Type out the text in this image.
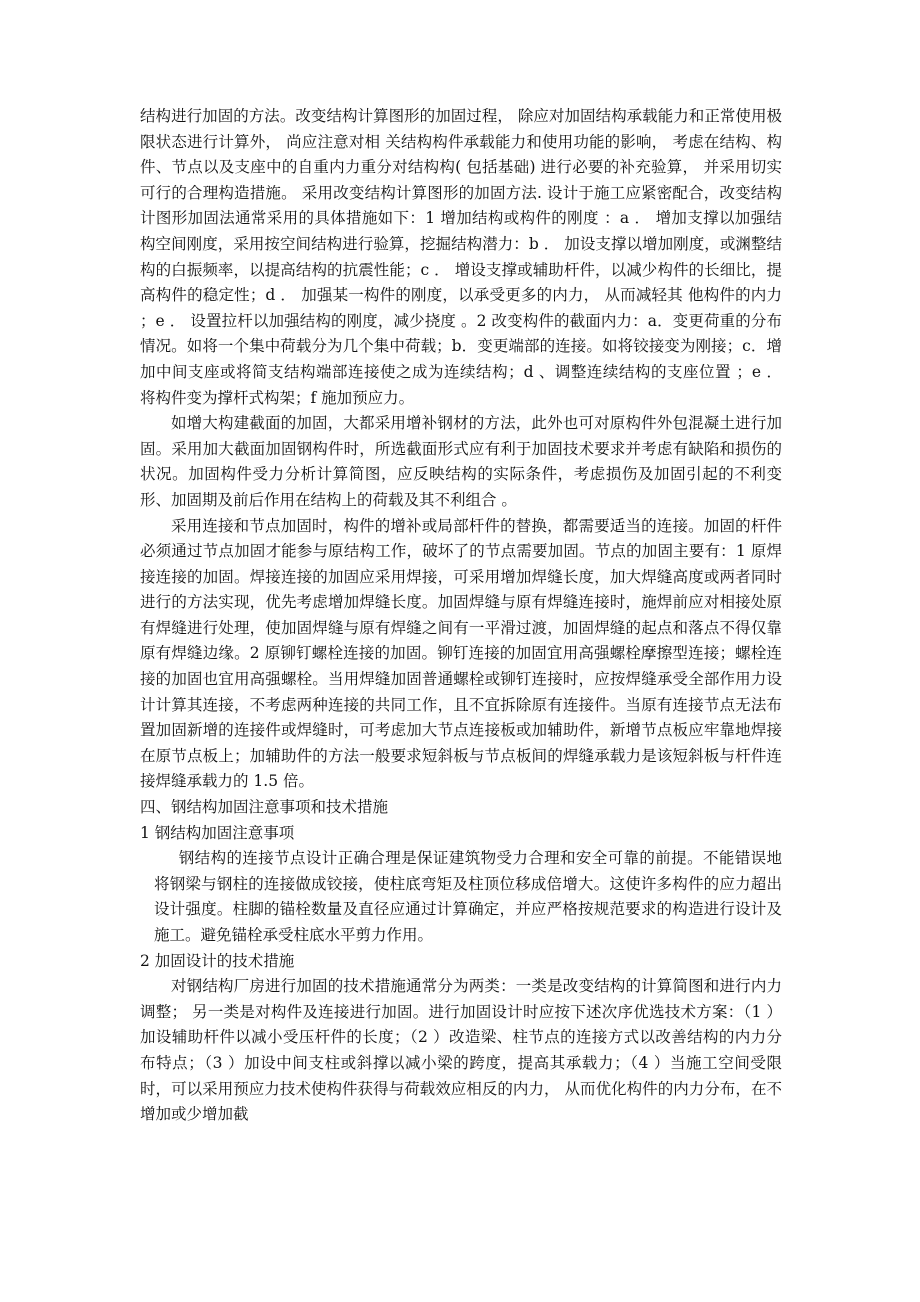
结构进行加固的方法。改变结构计算图形的加固过程， 除应对加固结构承载能力和正常使用极限状态进行计算外， 尚应注意对相 关结构构件承载能力和使用功能的影响， 考虑在结构、构件、节点以及支座中的自重内力重分对结构构( 包括基础) 进行必要的补充验算， 并采用切实可行的合理构造措施。 采用改变结构计算图形的加固方法. 设计于施工应紧密配合，改变结构计图形加固法通常采用的具体措施如下：1 增加结构或构件的刚度 ：a ． 增加支撑以加强结构空间刚度，采用按空间结构进行验算，挖掘结构潜力：b ． 加设支撑以增加刚度，或渊整结构的白振频率，以提高结构的抗震性能；c ． 增设支撑或辅助杆件，以减少构件的长细比，提高构件的稳定性；d ． 加强某一构件的刚度，以承受更多的内力， 从而减轻其 他构件的内力 ；e ． 设置拉杆以加强结构的刚度，减少挠度 。2 改变构件的截面内力：a．变更荷重的分布情况。如将一个集中荷载分为几个集中荷载；b．变更端部的连接。如将铰接变为刚接；c．增加中间支座或将简支结构端部连接使之成为连续结构；d 、调整连续结构的支座位置 ；e ． 将构件变为撑杆式构架；f 施加预应力。

如增大构建截面的加固，大都采用增补钢材的方法，此外也可对原构件外包混凝土进行加固。采用加大截面加固钢构件时，所选截面形式应有利于加固技术要求并考虑有缺陷和损伤的状况。加固构件受力分析计算简图，应反映结构的实际条件，考虑损伤及加固引起的不利变形、加固期及前后作用在结构上的荷载及其不利组合 。

采用连接和节点加固时，构件的增补或局部杆件的替换，都需要适当的连接。加固的杆件必须通过节点加固才能参与原结构工作，破坏了的节点需要加固。节点的加固主要有：1 原焊接连接的加固。焊接连接的加固应采用焊接，可采用增加焊缝长度，加大焊缝高度或两者同时进行的方法实现，优先考虑增加焊缝长度。加固焊缝与原有焊缝连接时，施焊前应对相接处原有焊缝进行处理，使加固焊缝与原有焊缝之间有一平滑过渡，加固焊缝的起点和落点不得仅靠原有焊缝边缘。2 原铆钉螺栓连接的加固。铆钉连接的加固宜用高强螺栓摩擦型连接；螺栓连接的加固也宜用高强螺栓。当用焊缝加固普通螺栓或铆钉连接时，应按焊缝承受全部作用力设计计算其连接，不考虑两种连接的共同工作，且不宜拆除原有连接件。当原有连接节点无法布置加固新增的连接件或焊缝时，可考虑加大节点连接板或加辅助件，新增节点板应牢靠地焊接在原节点板上；加辅助件的方法一般要求短斜板与节点板间的焊缝承载力是该短斜板与杆件连接焊缝承载力的 1.5 倍。

四、钢结构加固注意事项和技术措施

1 钢结构加固注意事项

钢结构的连接节点设计正确合理是保证建筑物受力合理和安全可靠的前提。不能错误地将钢梁与钢柱的连接做成铰接，使柱底弯矩及柱顶位移成倍增大。这使许多构件的应力超出设计强度。柱脚的锚栓数量及直径应通过计算确定，并应严格按规范要求的构造进行设计及施工。避免锚栓承受柱底水平剪力作用。

2 加固设计的技术措施

对钢结构厂房进行加固的技术措施通常分为两类：一类是改变结构的计算简图和进行内力调整； 另一类是对构件及连接进行加固。进行加固设计时应按下述次序优选技术方案：（1 ）加设辅助杆件以减小受压杆件的长度；（2 ）改造梁、柱节点的连接方式以改善结构的内力分布特点；（3 ）加设中间支柱或斜撑以减小梁的跨度，提高其承载力；（4 ）当施工空间受限时，可以采用预应力技术使构件获得与荷载效应相反的内力， 从而优化构件的内力分布，在不增加或少增加截
